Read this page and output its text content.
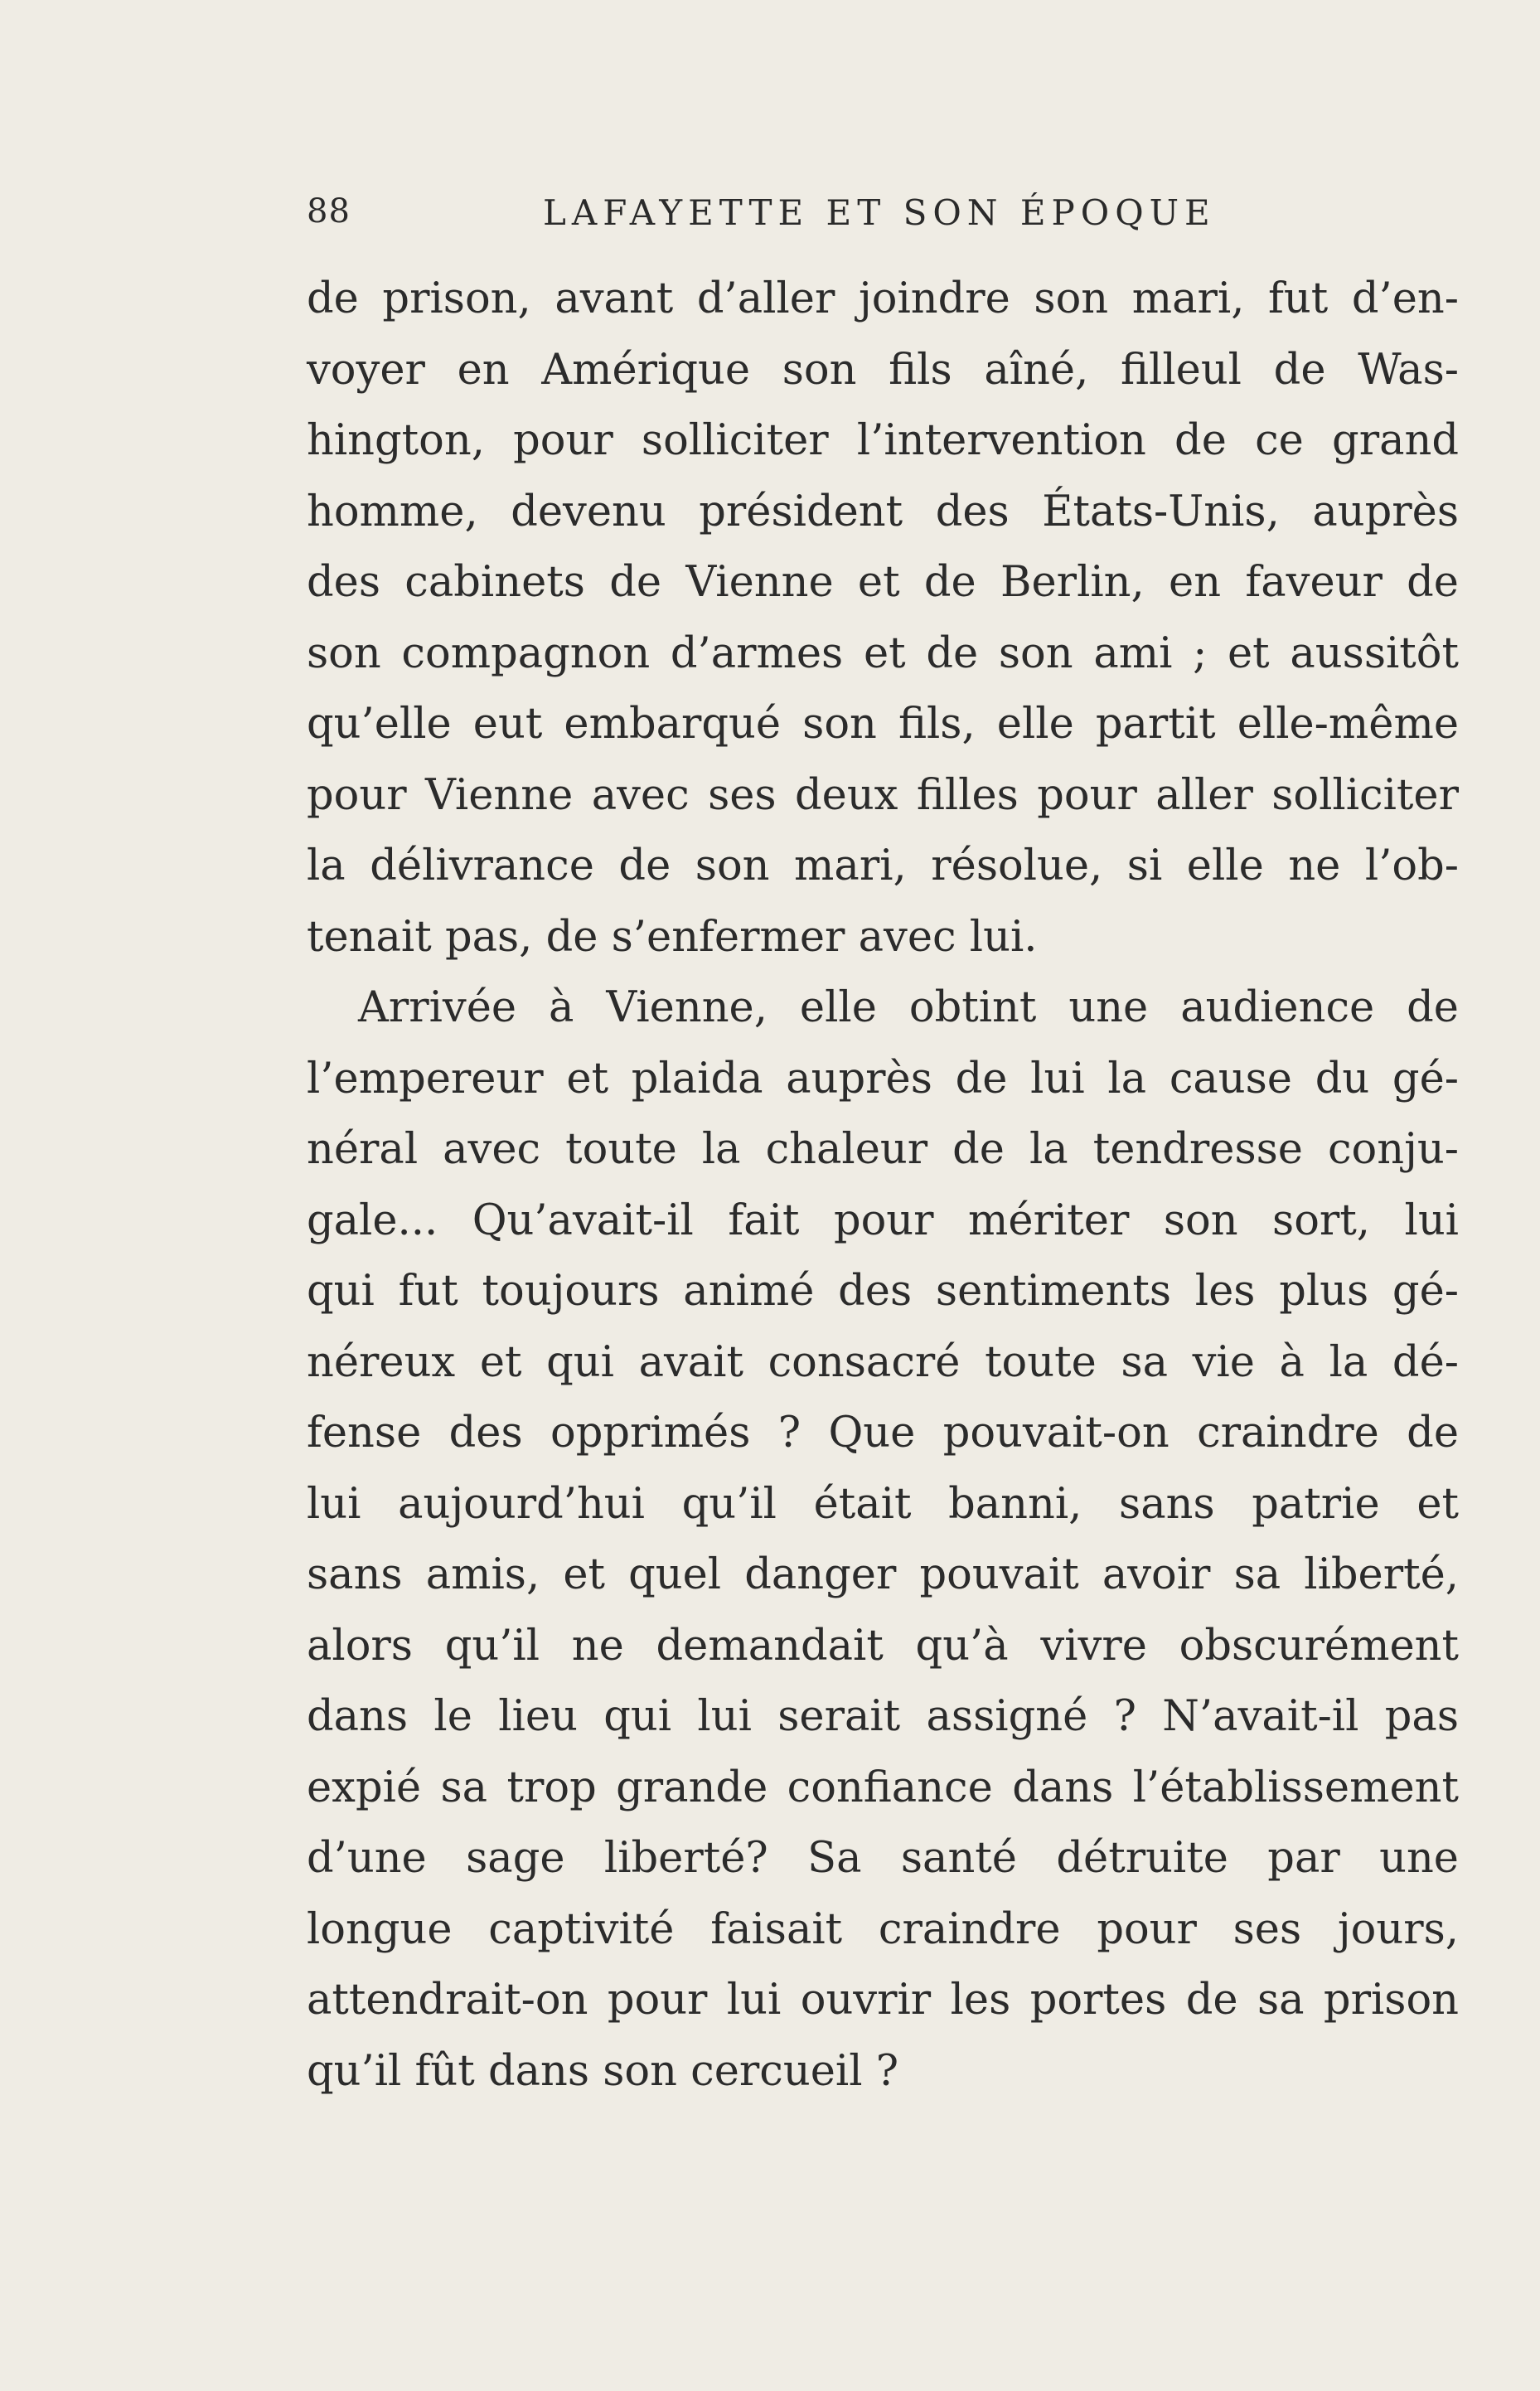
88	LAFAYETTE ET SON ÉPOQUE
de prison, avant d’aller joindre son mari, fut d’en-
voyer en Amérique son fils aîné, filleul de Was-
hington, pour solliciter l’intervention de ce grand
homme, devenu président des États-Unis, auprès
des cabinets de Vienne et de Berlin, en faveur de
son compagnon d’armes et de son ami ; et aussitôt
qu’elle eut embarqué son fils, elle partit elle-même
pour Vienne avec ses deux filles pour aller solliciter
la délivrance de son mari, résolue, si elle ne l’ob-
tenait pas, de s’enfermer avec lui.
Arrivée à Vienne, elle obtint une audience de
l’empereur et plaida auprès de lui la cause du gé-
néral avec toute la chaleur de la tendresse conju-
gale... Qu’avait-il fait pour mériter son sort, lui
qui fut toujours animé des sentiments les plus gé-
néreux et qui avait consacré toute sa vie à la dé-
fense des opprimés ? Que pouvait-on craindre de
lui aujourd’hui qu’il était banni, sans patrie et
sans amis, et quel danger pouvait avoir sa liberté,
alors qu’il ne demandait qu’à vivre obscurément
dans le lieu qui lui serait assigné ? N’avait-il pas
expié sa trop grande confiance dans l’établissement
d’une sage liberté? Sa santé détruite par une
longue captivité faisait craindre pour ses jours,
attendrait-on pour lui ouvrir les portes de sa prison
qu’il fût dans son cercueil ?
